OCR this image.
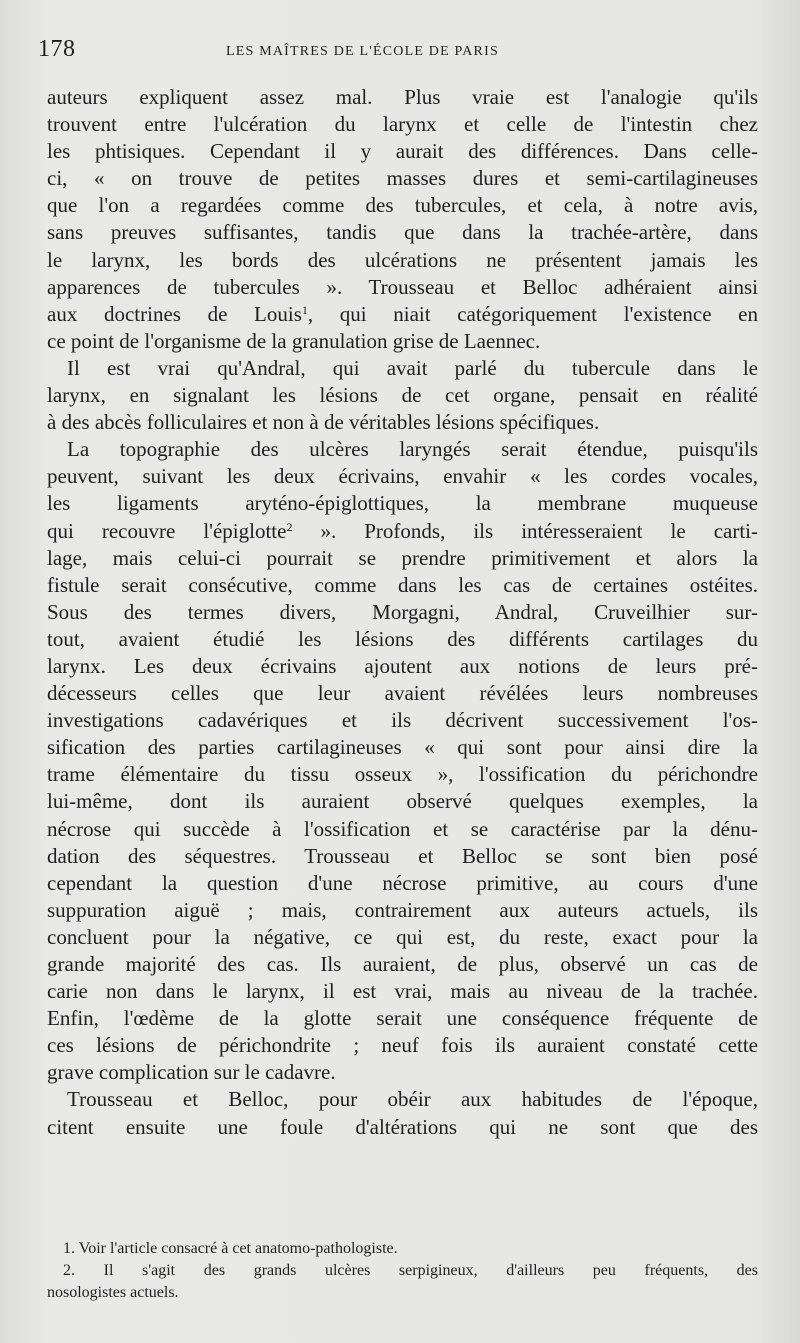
178	LES MAÎTRES DE L'ÉCOLE DE PARIS

auteurs expliquent assez mal. Plus vraie est l'analogie qu'ils
trouvent entre l'ulcération du larynx et celle de l'intestin chez
les phtisiques. Cependant il y aurait des différences. Dans celle-
ci, « on trouve de petites masses dures et semi-cartilagineuses
que l'on a regardées comme des tubercules, et cela, à notre avis,
sans preuves suffisantes, tandis que dans la trachée-artère, dans
le larynx, les bords des ulcérations ne présentent jamais les
apparences de tubercules ». Trousseau et Belloc adhéraient ainsi
aux doctrines de Louis$^1$, qui niait catégoriquement l'existence en
ce point de l'organisme de la granulation grise de Laennec.

Il est vrai qu'Andral, qui avait parlé du tubercule dans le
larynx, en signalant les lésions de cet organe, pensait en réalité
à des abcès folliculaires et non à de véritables lésions spécifiques.

La topographie des ulcères laryngés serait étendue, puisqu'ils
peuvent, suivant les deux écrivains, envahir « les cordes vocales,
les ligaments aryténo-épiglottiques, la membrane muqueuse
qui recouvre l'épiglotte$^2$ ». Profonds, ils intéresseraient le carti-
lage, mais celui-ci pourrait se prendre primitivement et alors la
fistule serait consécutive, comme dans les cas de certaines ostéites.
Sous des termes divers, Morgagni, Andral, Cruveilhier sur-
tout, avaient étudié les lésions des différents cartilages du
larynx. Les deux écrivains ajoutent aux notions de leurs pré-
décesseurs celles que leur avaient révélées leurs nombreuses
investigations cadavériques et ils décrivent successivement l'os-
sification des parties cartilagineuses « qui sont pour ainsi dire la
trame élémentaire du tissu osseux », l'ossification du périchondre
lui-même, dont ils auraient observé quelques exemples, la
nécrose qui succède à l'ossification et se caractérise par la dénu-
dation des séquestres. Trousseau et Belloc se sont bien posé
cependant la question d'une nécrose primitive, au cours d'une
suppuration aiguë ; mais, contrairement aux auteurs actuels, ils
concluent pour la négative, ce qui est, du reste, exact pour la
grande majorité des cas. Ils auraient, de plus, observé un cas de
carie non dans le larynx, il est vrai, mais au niveau de la trachée.
Enfin, l'œdème de la glotte serait une conséquence fréquente de
ces lésions de périchondrite ; neuf fois ils auraient constaté cette
grave complication sur le cadavre.

Trousseau et Belloc, pour obéir aux habitudes de l'époque,
citent ensuite une foule d'altérations qui ne sont que des

1. Voir l'article consacré à cet anatomo-pathologiste.
2. Il s'agit des grands ulcères serpigineux, d'ailleurs peu fréquents, des
nosologistes actuels.
